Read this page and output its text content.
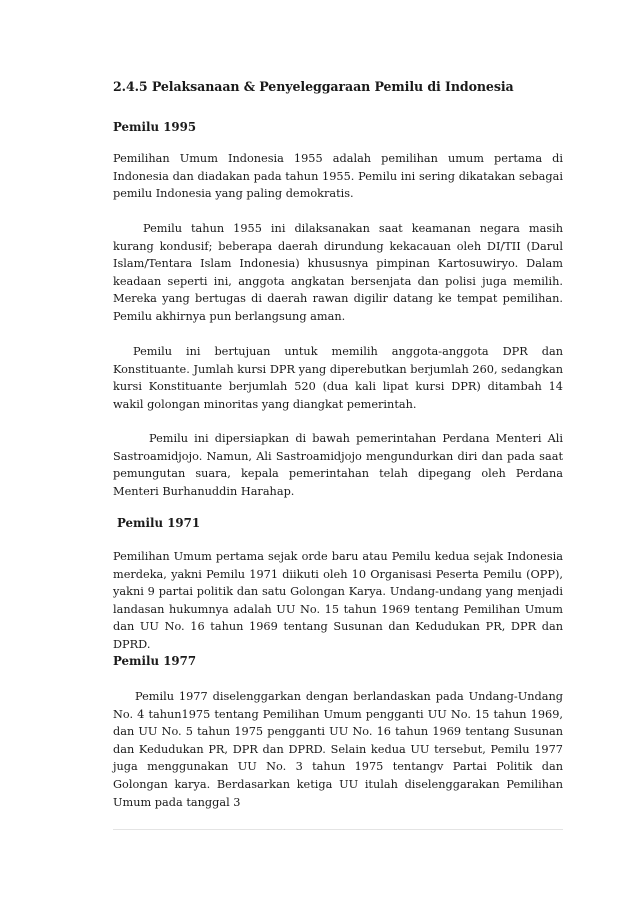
2.4.5 Pelaksanaan & Penyeleggaraan Pemilu di Indonesia
Pemilu 1995

Pemilihan Umum Indonesia 1955 adalah pemilihan umum pertama di Indonesia dan diadakan pada tahun 1955. Pemilu ini sering dikatakan sebagai pemilu Indonesia yang paling demokratis.

Pemilu tahun 1955 ini dilaksanakan saat keamanan negara masih kurang kondusif; beberapa daerah dirundung kekacauan oleh DI/TII (Darul Islam/Tentara Islam Indonesia) khususnya pimpinan Kartosuwiryo. Dalam keadaan seperti ini, anggota angkatan bersenjata dan polisi juga memilih. Mereka yang bertugas di daerah rawan digilir datang ke tempat pemilihan. Pemilu akhirnya pun berlangsung aman.

Pemilu ini bertujuan untuk memilih anggota-anggota DPR dan Konstituante. Jumlah kursi DPR yang diperebutkan berjumlah 260, sedangkan kursi Konstituante berjumlah 520 (dua kali lipat kursi DPR) ditambah 14 wakil golongan minoritas yang diangkat pemerintah.

Pemilu ini dipersiapkan di bawah pemerintahan Perdana Menteri Ali Sastroamidjojo. Namun, Ali Sastroamidjojo mengundurkan diri dan pada saat pemungutan suara, kepala pemerintahan telah dipegang oleh Perdana Menteri Burhanuddin Harahap.

Pemilu 1971

Pemilihan Umum pertama sejak orde baru atau Pemilu kedua sejak Indonesia merdeka, yakni Pemilu 1971 diikuti oleh 10 Organisasi Peserta Pemilu (OPP), yakni 9 partai politik dan satu Golongan Karya. Undang-undang yang menjadi landasan hukumnya adalah UU No. 15 tahun 1969 tentang Pemilihan Umum dan UU No. 16 tahun 1969 tentang Susunan dan Kedudukan PR, DPR dan DPRD.

Pemilu 1977

Pemilu 1977 diselenggarkan dengan berlandaskan pada Undang-Undang No. 4 tahun1975 tentang Pemilihan Umum pengganti UU No. 15 tahun 1969, dan UU No. 5 tahun 1975 pengganti UU No. 16 tahun 1969 tentang Susunan dan Kedudukan PR, DPR dan DPRD. Selain kedua UU tersebut, Pemilu 1977 juga menggunakan UU No. 3 tahun 1975 tentangv Partai Politik dan Golongan karya. Berdasarkan ketiga UU itulah diselenggarakan Pemilihan Umum pada tanggal 3
